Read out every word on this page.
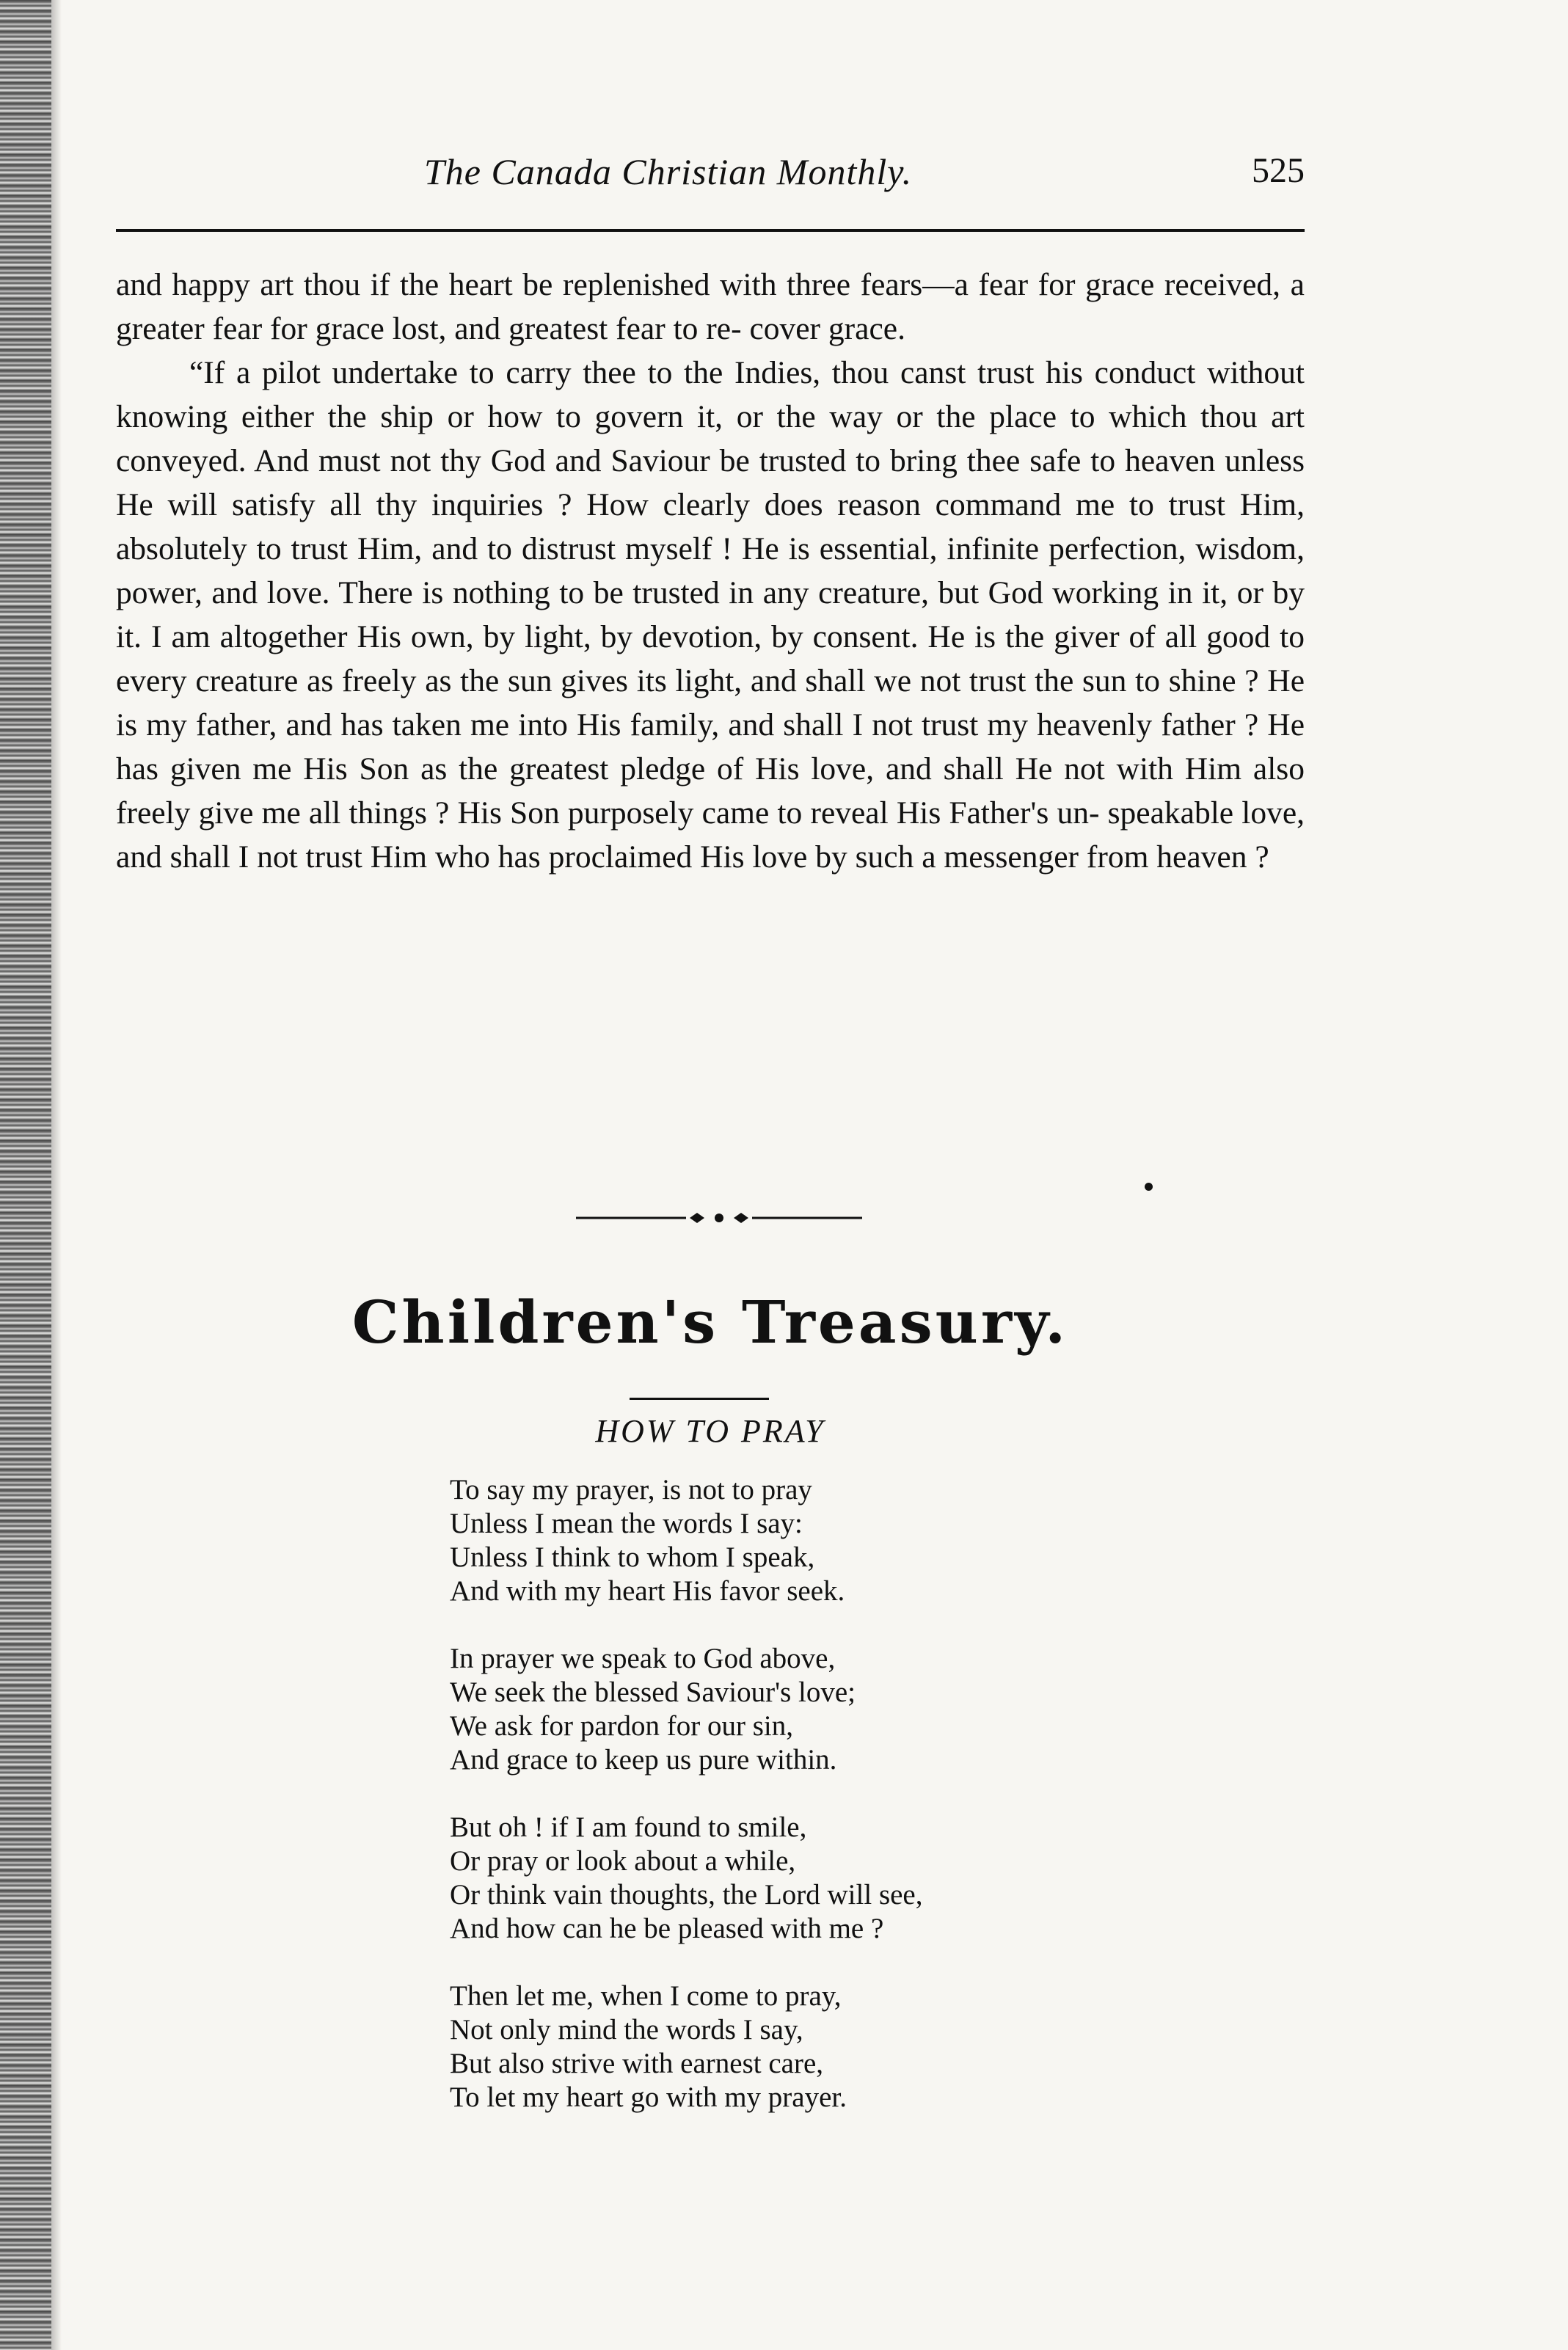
The Canada Christian Monthly.	525

and happy art thou if the heart be replenished with three fears—a fear for grace received, a greater fear for grace lost, and greatest fear to re- cover grace.

“If a pilot undertake to carry thee to the Indies, thou canst trust his conduct without knowing either the ship or how to govern it, or the way or the place to which thou art conveyed. And must not thy God and Saviour be trusted to bring thee safe to heaven unless He will satisfy all thy inquiries ? How clearly does reason command me to trust Him, absolutely to trust Him, and to distrust myself ! He is essential, infinite perfection, wisdom, power, and love. There is nothing to be trusted in any creature, but God working in it, or by it. I am altogether His own, by light, by devotion, by consent. He is the giver of all good to every creature as freely as the sun gives its light, and shall we not trust the sun to shine ? He is my father, and has taken me into His family, and shall I not trust my heavenly father ? He has given me His Son as the greatest pledge of His love, and shall He not with Him also freely give me all things ? His Son purposely came to reveal His Father's un- speakable love, and shall I not trust Him who has proclaimed His love by such a messenger from heaven ?

Children's Treasury.
HOW TO PRAY
To say my prayer, is not to pray
Unless I mean the words I say:
Unless I think to whom I speak,
And with my heart His favor seek.
In prayer we speak to God above,
We seek the blessed Saviour's love;
We ask for pardon for our sin,
And grace to keep us pure within.
But oh ! if I am found to smile,
Or pray or look about a while,
Or think vain thoughts, the Lord will see,
And how can he be pleased with me ?
Then let me, when I come to pray,
Not only mind the words I say,
But also strive with earnest care,
To let my heart go with my prayer.
